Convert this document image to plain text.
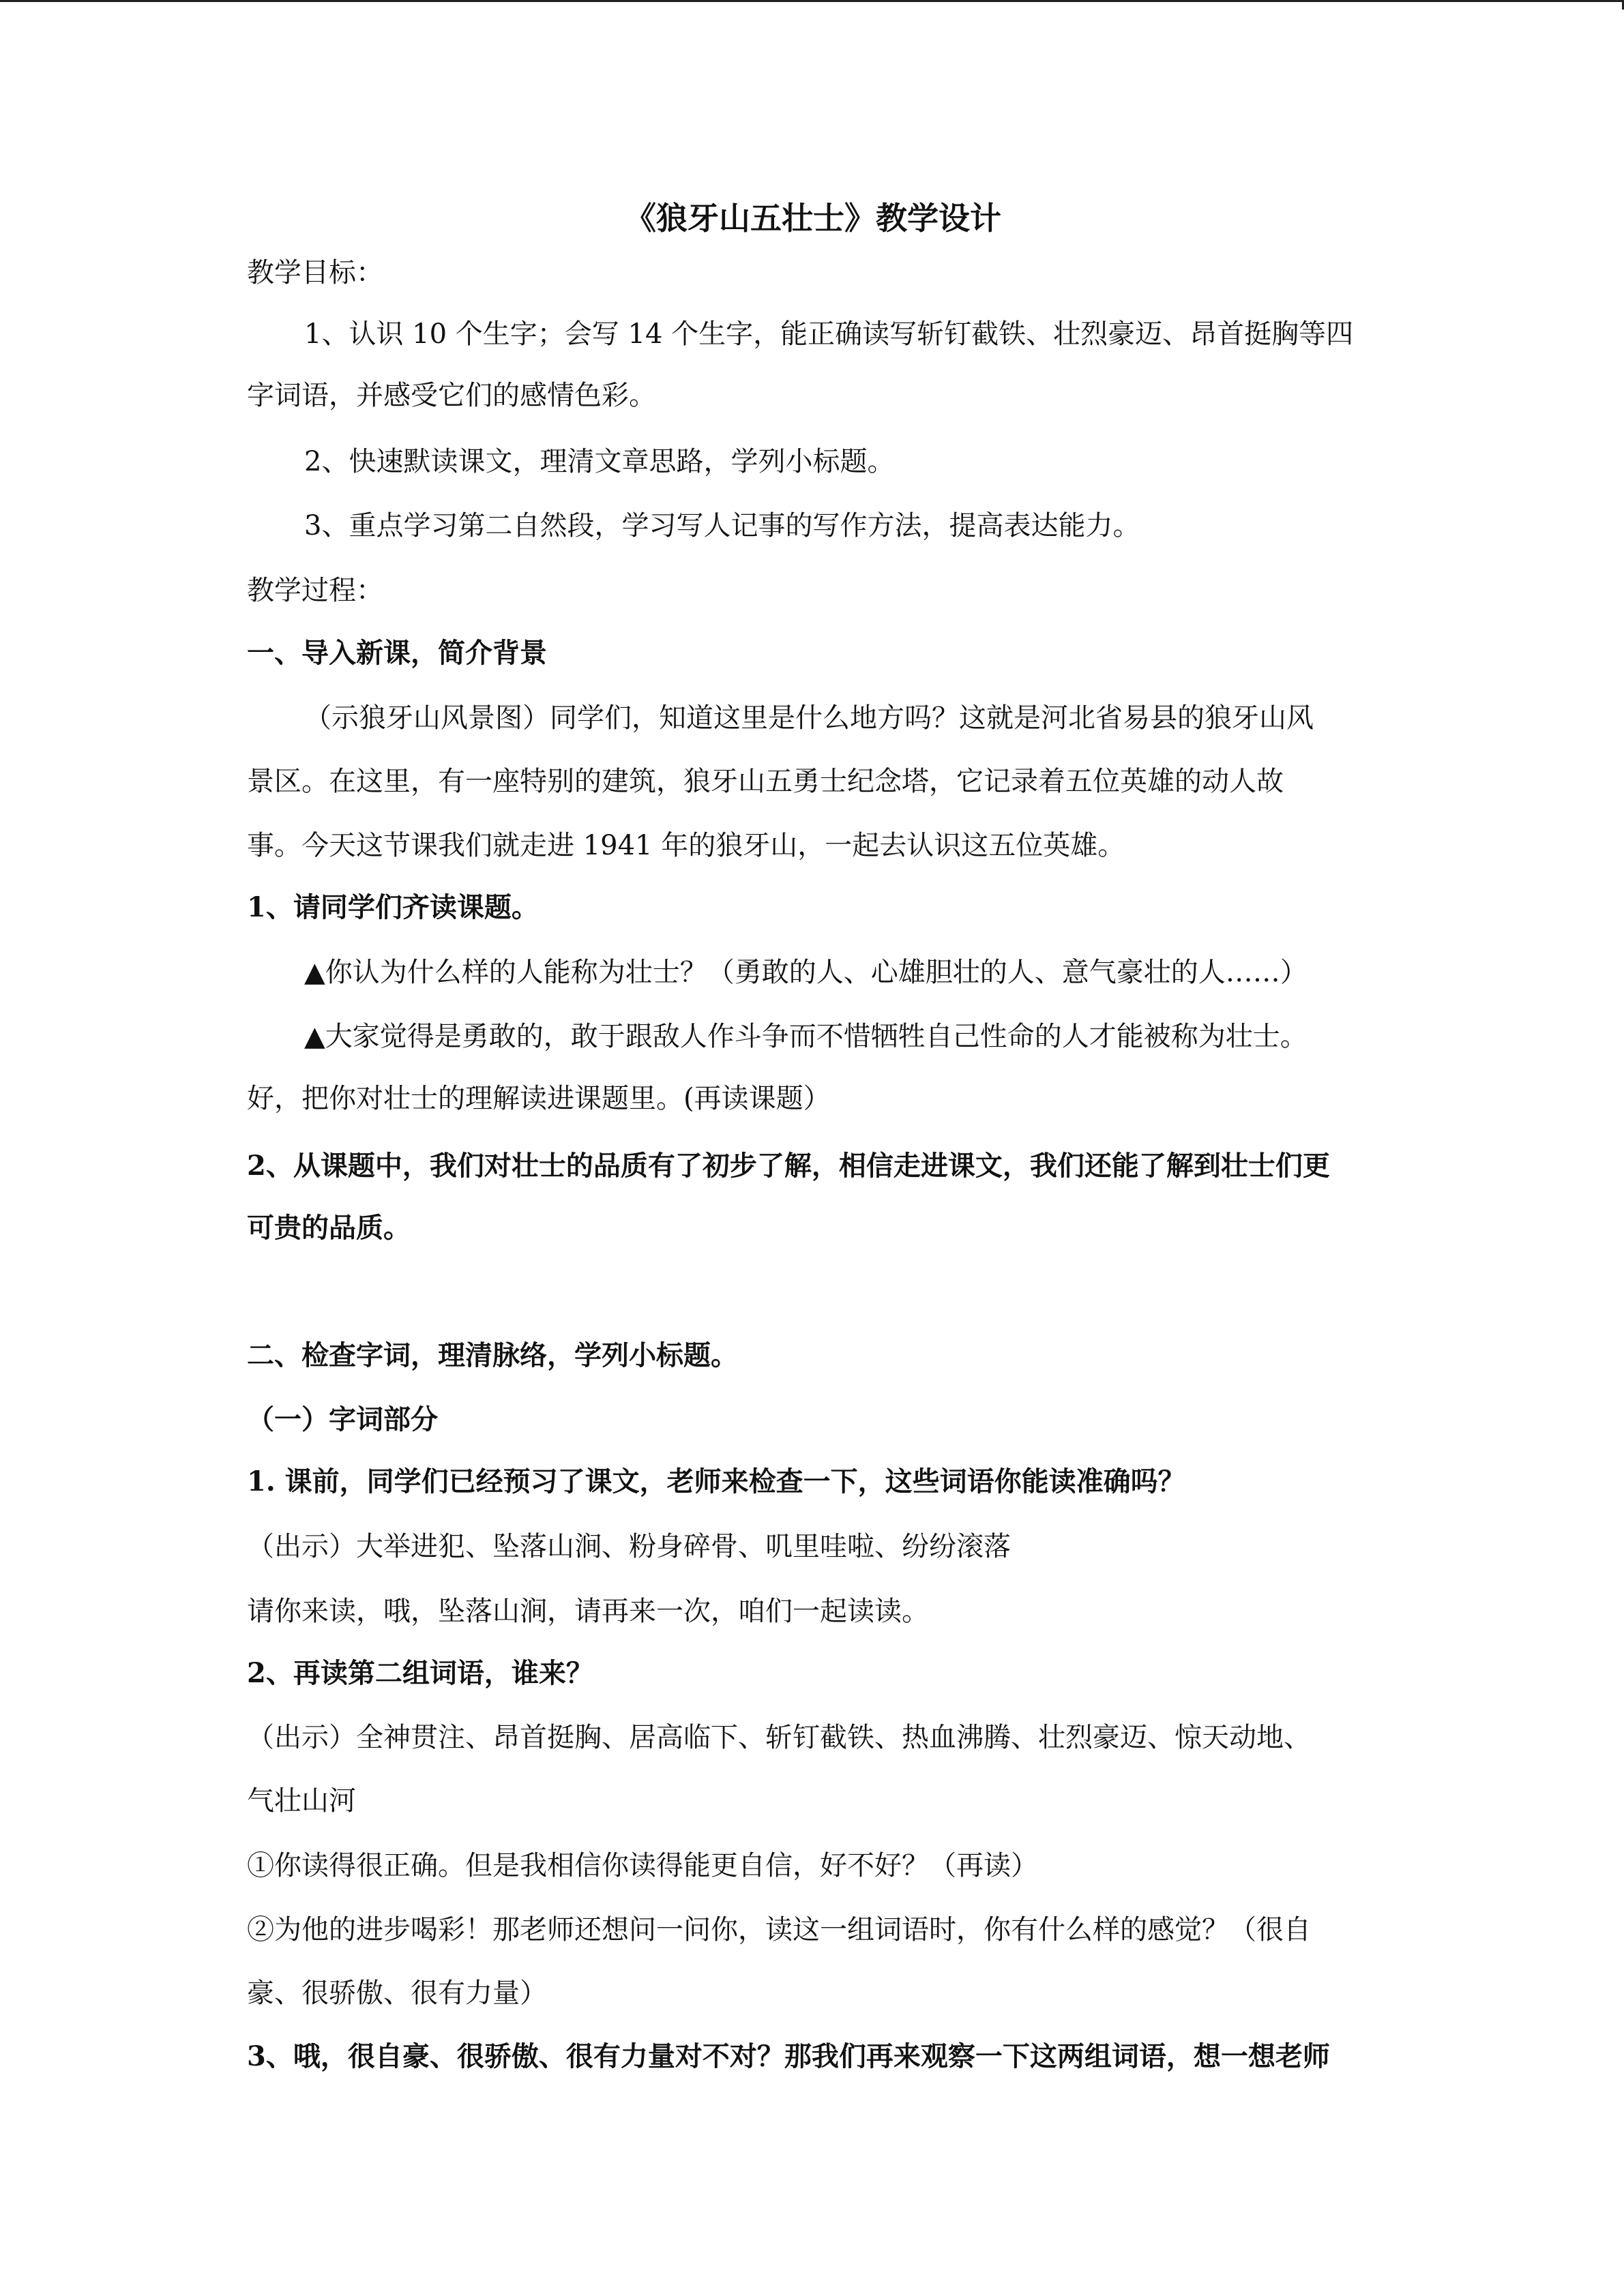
《狼牙山五壮士》教学设计
教学目标：
1、认识 10 个生字；会写 14 个生字，能正确读写斩钉截铁、壮烈豪迈、昂首挺胸等四
字词语，并感受它们的感情色彩。
2、快速默读课文，理清文章思路，学列小标题。
3、重点学习第二自然段，学习写人记事的写作方法，提高表达能力。
教学过程：
一、导入新课，简介背景
（示狼牙山风景图）同学们，知道这里是什么地方吗？这就是河北省易县的狼牙山风
景区。在这里，有一座特别的建筑，狼牙山五勇士纪念塔，它记录着五位英雄的动人故
事。今天这节课我们就走进 1941 年的狼牙山，一起去认识这五位英雄。
1、请同学们齐读课题。
▲你认为什么样的人能称为壮士？（勇敢的人、心雄胆壮的人、意气豪壮的人……）
▲大家觉得是勇敢的，敢于跟敌人作斗争而不惜牺牲自己性命的人才能被称为壮士。
好，把你对壮士的理解读进课题里。(再读课题）
2、从课题中，我们对壮士的品质有了初步了解，相信走进课文，我们还能了解到壮士们更
可贵的品质。
二、检查字词，理清脉络，学列小标题。
（一）字词部分
1. 课前，同学们已经预习了课文，老师来检查一下，这些词语你能读准确吗？
（出示）大举进犯、坠落山涧、粉身碎骨、叽里哇啦、纷纷滚落
请你来读，哦，坠落山涧，请再来一次，咱们一起读读。
2、再读第二组词语，谁来？
（出示）全神贯注、昂首挺胸、居高临下、斩钉截铁、热血沸腾、壮烈豪迈、惊天动地、
气壮山河
①你读得很正确。但是我相信你读得能更自信，好不好？（再读）
②为他的进步喝彩！那老师还想问一问你，读这一组词语时，你有什么样的感觉？（很自
豪、很骄傲、很有力量）
3、哦，很自豪、很骄傲、很有力量对不对？那我们再来观察一下这两组词语，想一想老师
